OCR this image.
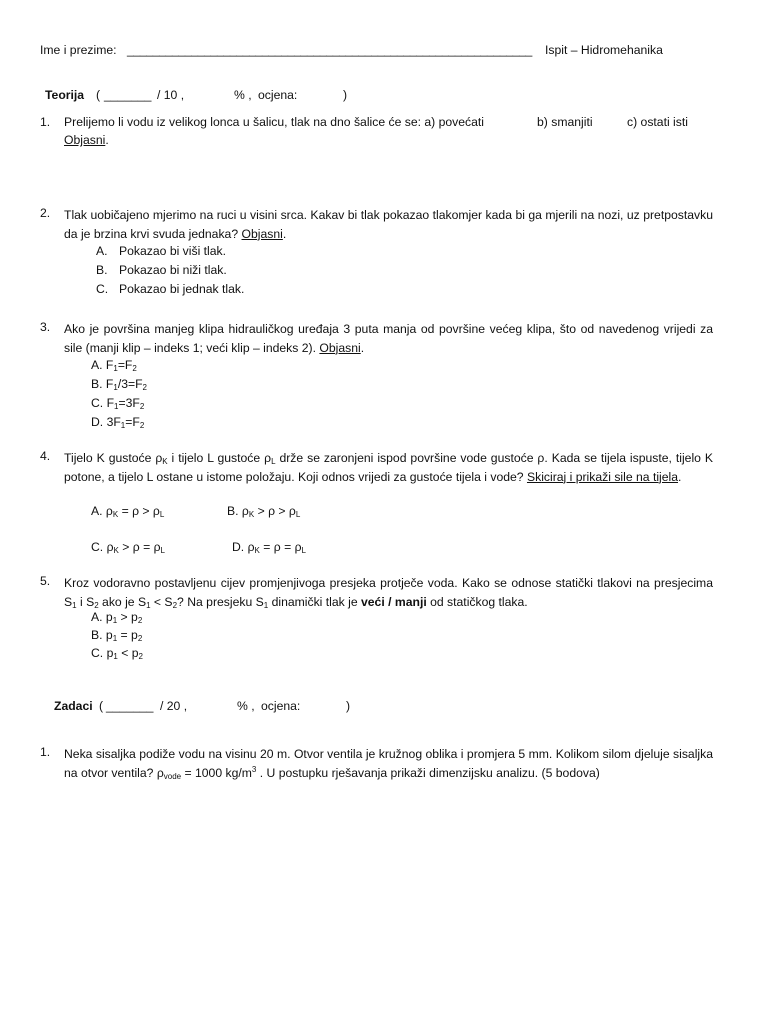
Ime i prezime: _______________________________________________________________ Ispit – Hidromehanika
Teorija ( _______ / 10 ,	% , ocjena:	)
1. Prelijemo li vodu iz velikog lonca u šalicu, tlak na dno šalice će se: a) povećati	b) smanjiti	c) ostati isti
Objasni.
2. Tlak uobičajeno mjerimo na ruci u visini srca. Kakav bi tlak pokazao tlakomjer kada bi ga mjerili na nozi, uz pretpostavku da je brzina krvi svuda jednaka? Objasni.
A. Pokazao bi viši tlak.
B. Pokazao bi niži tlak.
C. Pokazao bi jednak tlak.
3. Ako je površina manjeg klipa hidrauličkog uređaja 3 puta manja od površine većeg klipa, što od navedenog vrijedi za sile (manji klip – indeks 1; veći klip – indeks 2). Objasni.
A. $F_1=F_2$
B. $F_1/3=F_2$
C. $F_1=3F_2$
D. $3F_1=F_2$
4. Tijelo K gustoće $\rho_K$ i tijelo L gustoće $\rho_L$ drže se zaronjeni ispod površine vode gustoće ρ. Kada se tijela ispuste, tijelo K potone, a tijelo L ostane u istome položaju. Koji odnos vrijedi za gustoće tijela i vode? Skiciraj i prikaži sile na tijela.
A. $\rho_K = \rho > \rho_L$	B. $\rho_K > \rho > \rho_L$
C. $\rho_K > \rho = \rho_L$	D. $\rho_K = \rho = \rho_L$
5. Kroz vodoravno postavljenu cijev promjenjivoga presjeka protječe voda. Kako se odnose statički tlakovi na presjecima $S_1$ i $S_2$ ako je $S_1 < S_2$? Na presjeku $S_1$ dinamički tlak je veći / manji od statičkog tlaka.
A. $p_1 > p_2$
B. $p_1 = p_2$
C. $p_1 < p_2$
Zadaci ( _______ / 20 ,	% , ocjena:	)
1. Neka sisaljka podiže vodu na visinu 20 m. Otvor ventila je kružnog oblika i promjera 5 mm. Kolikom silom djeluje sisaljka na otvor ventila? $\rho_{vode} = 1000$ $kg/m^3$ . U postupku rješavanja prikaži dimenzijsku analizu. (5 bodova)
